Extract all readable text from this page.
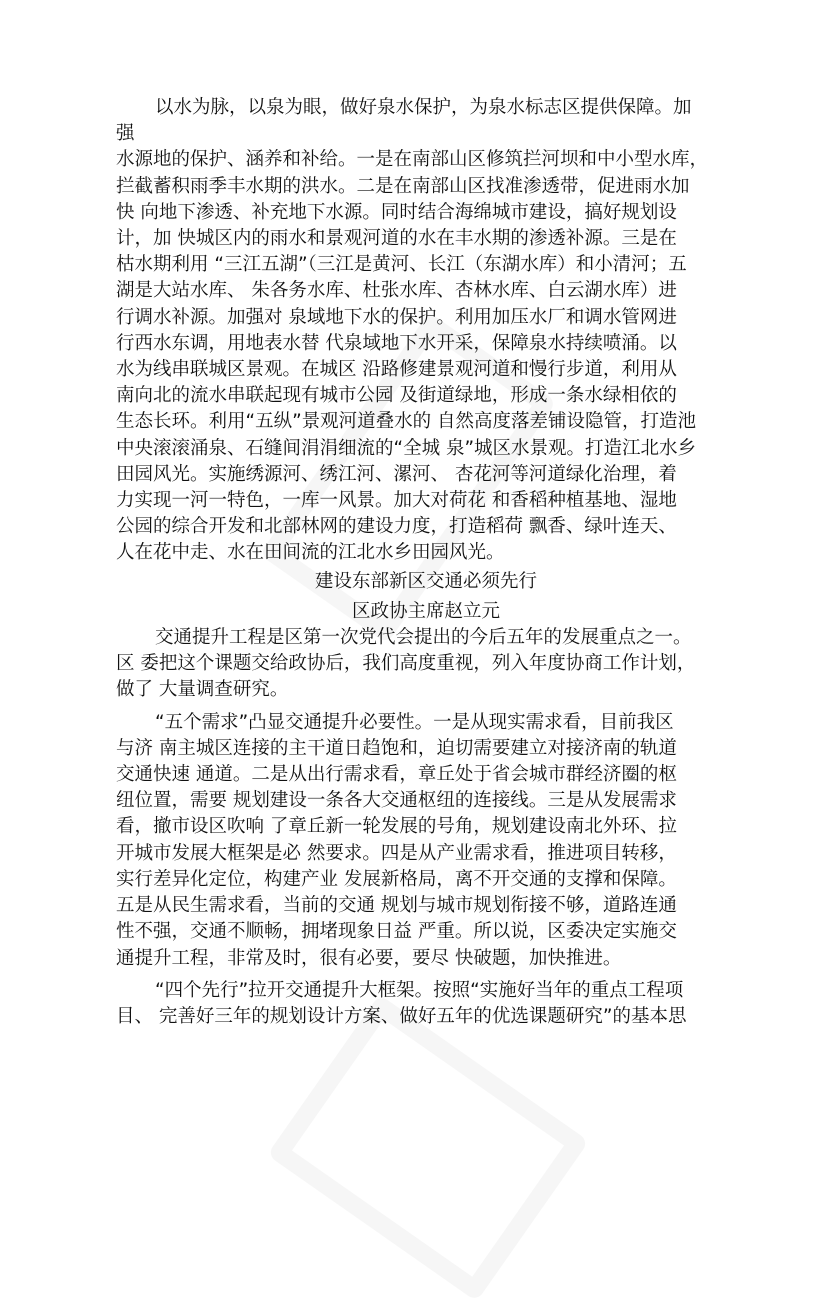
以水为脉，以泉为眼，做好泉水保护，为泉水标志区提供保障。加
强
水源地的保护、涵养和补给。一是在南部山区修筑拦河坝和中小型水库，
拦截蓄积雨季丰水期的洪水。二是在南部山区找准渗透带，促进雨水加
快 向地下渗透、补充地下水源。同时结合海绵城市建设，搞好规划设
计，加 快城区内的雨水和景观河道的水在丰水期的渗透补源。三是在
枯水期利用 “三江五湖”（三江是黄河、长江（东湖水库）和小清河；五
湖是大站水库、 朱各务水库、杜张水库、杏林水库、白云湖水库）进
行调水补源。加强对 泉域地下水的保护。利用加压水厂和调水管网进
行西水东调，用地表水替 代泉域地下水开采，保障泉水持续喷涌。以
水为线串联城区景观。在城区 沿路修建景观河道和慢行步道，利用从
南向北的流水串联起现有城市公园 及街道绿地，形成一条水绿相依的
生态长环。利用“五纵”景观河道叠水的 自然高度落差铺设隐管，打造池
中央滚滚涌泉、石缝间涓涓细流的“全城 泉”城区水景观。打造江北水乡
田园风光。实施绣源河、绣江河、漯河、 杏花河等河道绿化治理，着
力实现一河一特色，一库一风景。加大对荷花 和香稻种植基地、湿地
公园的综合开发和北部林网的建设力度，打造稻荷 飘香、绿叶连天、
人在花中走、水在田间流的江北水乡田园风光。
建设东部新区交通必须先行
区政协主席赵立元
交通提升工程是区第一次党代会提出的今后五年的发展重点之一。
区 委把这个课题交给政协后，我们高度重视，列入年度协商工作计划，
做了 大量调查研究。
“五个需求”凸显交通提升必要性。一是从现实需求看，目前我区
与济 南主城区连接的主干道日趋饱和，迫切需要建立对接济南的轨道
交通快速 通道。二是从出行需求看，章丘处于省会城市群经济圈的枢
纽位置，需要 规划建设一条各大交通枢纽的连接线。三是从发展需求
看，撤市设区吹响 了章丘新一轮发展的号角，规划建设南北外环、拉
开城市发展大框架是必 然要求。四是从产业需求看，推进项目转移，
实行差异化定位，构建产业 发展新格局，离不开交通的支撑和保障。
五是从民生需求看，当前的交通 规划与城市规划衔接不够，道路连通
性不强，交通不顺畅，拥堵现象日益 严重。所以说，区委决定实施交
通提升工程，非常及时，很有必要，要尽 快破题，加快推进。
“四个先行”拉开交通提升大框架。按照“实施好当年的重点工程项
目、 完善好三年的规划设计方案、做好五年的优选课题研究”的基本思
